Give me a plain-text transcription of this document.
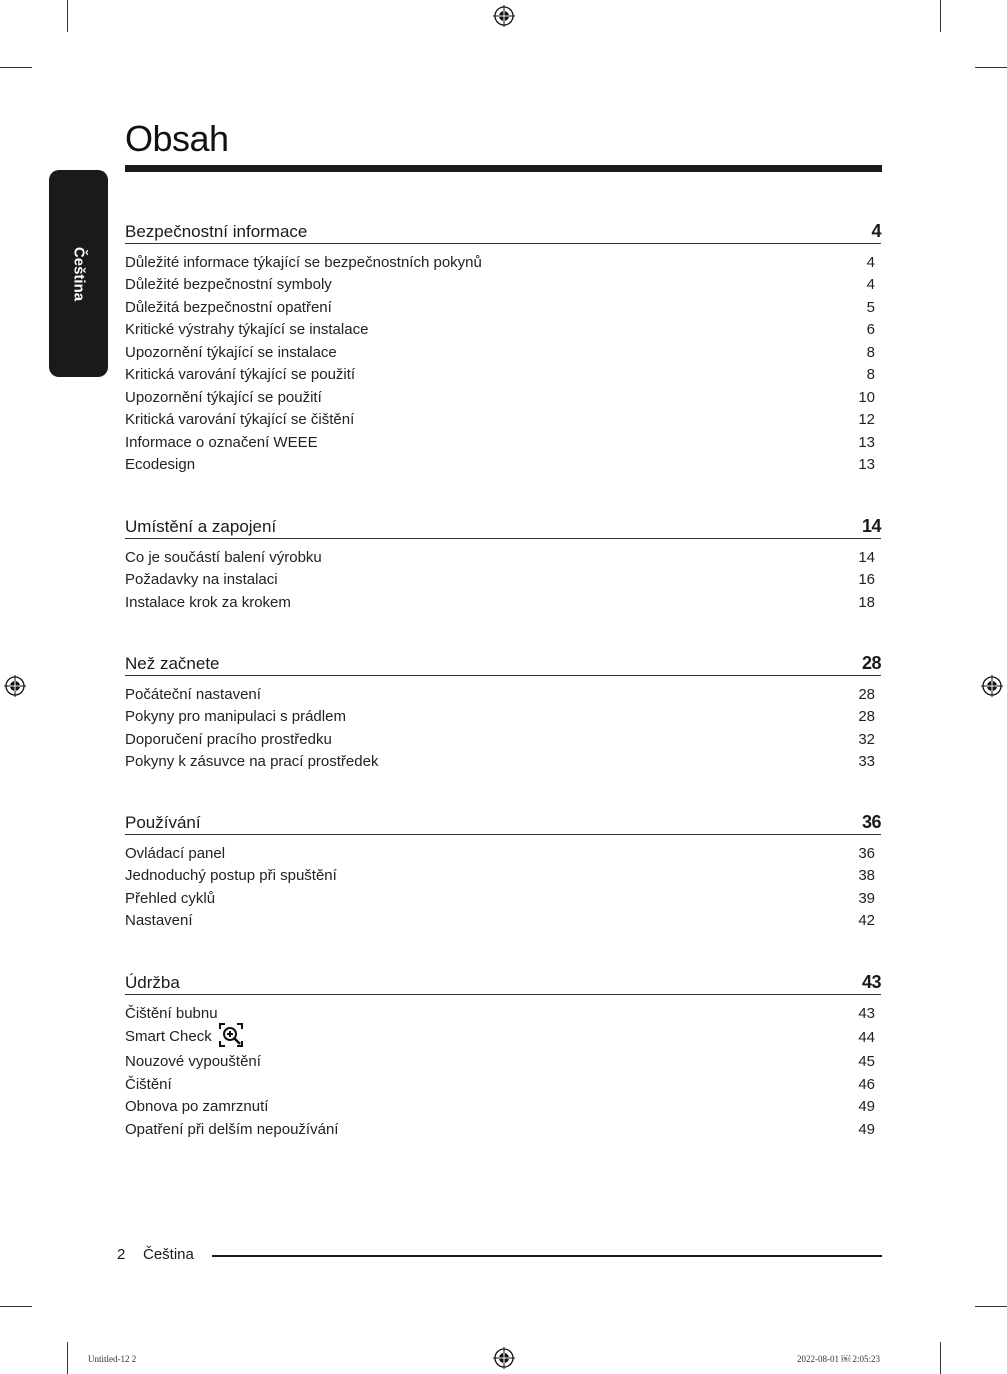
Čeština
Obsah
Bezpečnostní informace	4
Důležité informace týkající se bezpečnostních pokynů	4
Důležité bezpečnostní symboly	4
Důležitá bezpečnostní opatření	5
Kritické výstrahy týkající se instalace	6
Upozornění týkající se instalace	8
Kritická varování týkající se použití	8
Upozornění týkající se použití	10
Kritická varování týkající se čištění	12
Informace o označení WEEE	13
Ecodesign	13
Umístění a zapojení	14
Co je součástí balení výrobku	14
Požadavky na instalaci	16
Instalace krok za krokem	18
Než začnete	28
Počáteční nastavení	28
Pokyny pro manipulaci s prádlem	28
Doporučení pracího prostředku	32
Pokyny k zásuvce na prací prostředek	33
Používání	36
Ovládací panel	36
Jednoduchý postup při spuštění	38
Přehled cyklů	39
Nastavení	42
Údržba	43
Čištění bubnu	43
Smart Check	44
Nouzové vypouštění	45
Čištění	46
Obnova po zamrznutí	49
Opatření při delším nepoužívání	49
2 Čeština
Untitled-12 2	2022-08-01 ￼ 2:05:23
